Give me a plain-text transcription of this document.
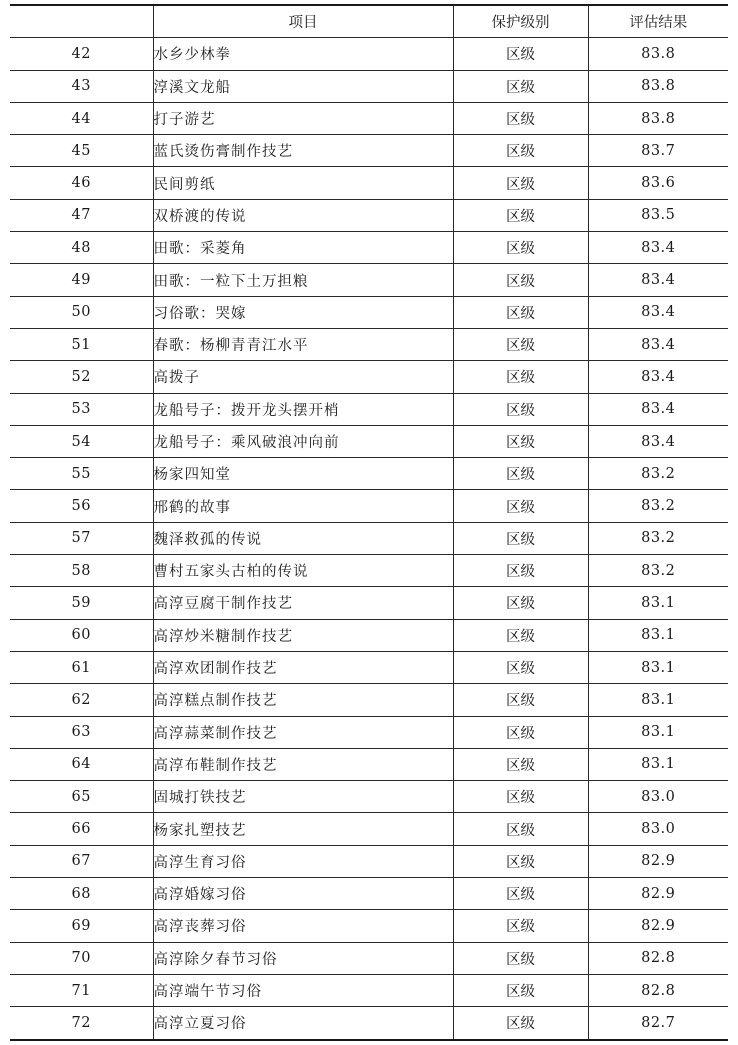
	项目	保护级别	评估结果
42	水乡少林拳	区级	83.8
43	淳溪文龙船	区级	83.8
44	打子游艺	区级	83.8
45	蓝氏烫伤膏制作技艺	区级	83.7
46	民间剪纸	区级	83.6
47	双桥渡的传说	区级	83.5
48	田歌：采菱角	区级	83.4
49	田歌：一粒下土万担粮	区级	83.4
50	习俗歌：哭嫁	区级	83.4
51	春歌：杨柳青青江水平	区级	83.4
52	高拨子	区级	83.4
53	龙船号子：拨开龙头摆开梢	区级	83.4
54	龙船号子：乘风破浪冲向前	区级	83.4
55	杨家四知堂	区级	83.2
56	邢鹤的故事	区级	83.2
57	魏泽救孤的传说	区级	83.2
58	曹村五家头古柏的传说	区级	83.2
59	高淳豆腐干制作技艺	区级	83.1
60	高淳炒米糖制作技艺	区级	83.1
61	高淳欢团制作技艺	区级	83.1
62	高淳糕点制作技艺	区级	83.1
63	高淳蒜菜制作技艺	区级	83.1
64	高淳布鞋制作技艺	区级	83.1
65	固城打铁技艺	区级	83.0
66	杨家扎塑技艺	区级	83.0
67	高淳生育习俗	区级	82.9
68	高淳婚嫁习俗	区级	82.9
69	高淳丧葬习俗	区级	82.9
70	高淳除夕春节习俗	区级	82.8
71	高淳端午节习俗	区级	82.8
72	高淳立夏习俗	区级	82.7
